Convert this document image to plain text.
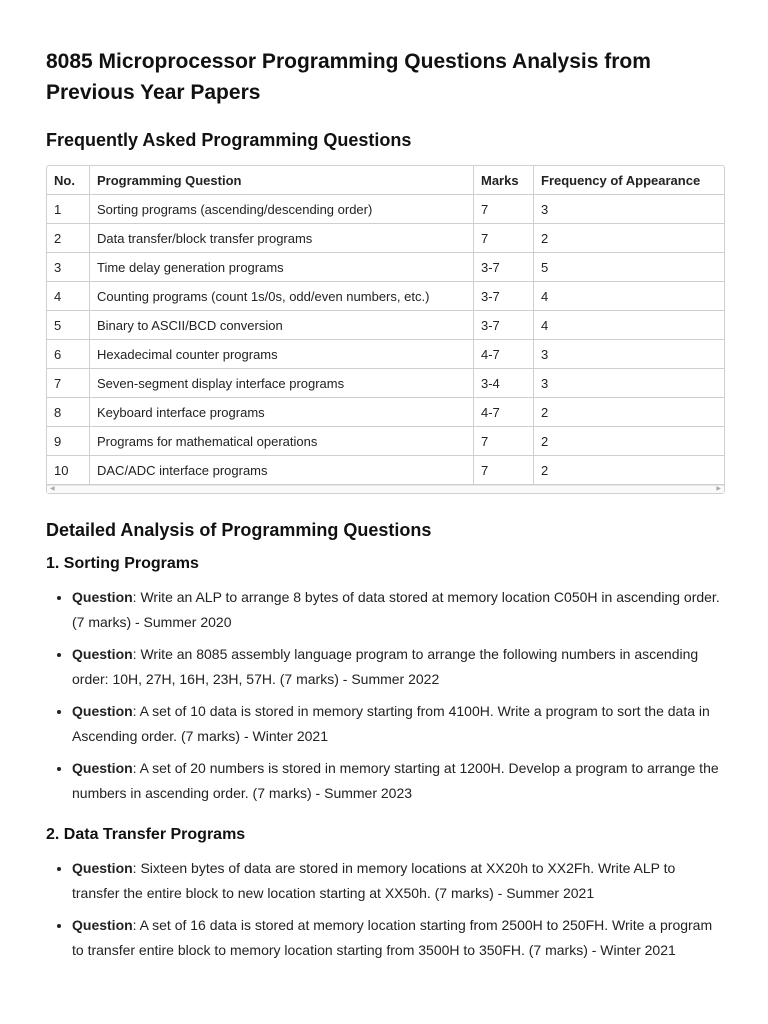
8085 Microprocessor Programming Questions Analysis from Previous Year Papers
Frequently Asked Programming Questions
No.	Programming Question	Marks	Frequency of Appearance
1	Sorting programs (ascending/descending order)	7	3
2	Data transfer/block transfer programs	7	2
3	Time delay generation programs	3-7	5
4	Counting programs (count 1s/0s, odd/even numbers, etc.)	3-7	4
5	Binary to ASCII/BCD conversion	3-7	4
6	Hexadecimal counter programs	4-7	3
7	Seven-segment display interface programs	3-4	3
8	Keyboard interface programs	4-7	2
9	Programs for mathematical operations	7	2
10	DAC/ADC interface programs	7	2
◀	▶
Detailed Analysis of Programming Questions
1. Sorting Programs
• Question: Write an ALP to arrange 8 bytes of data stored at memory location C050H in ascending order. (7 marks) - Summer 2020
• Question: Write an 8085 assembly language program to arrange the following numbers in ascending order: 10H, 27H, 16H, 23H, 57H. (7 marks) - Summer 2022
• Question: A set of 10 data is stored in memory starting from 4100H. Write a program to sort the data in Ascending order. (7 marks) - Winter 2021
• Question: A set of 20 numbers is stored in memory starting at 1200H. Develop a program to arrange the numbers in ascending order. (7 marks) - Summer 2023
2. Data Transfer Programs
• Question: Sixteen bytes of data are stored in memory locations at XX20h to XX2Fh. Write ALP to transfer the entire block to new location starting at XX50h. (7 marks) - Summer 2021
• Question: A set of 16 data is stored at memory location starting from 2500H to 250FH. Write a program to transfer entire block to memory location starting from 3500H to 350FH. (7 marks) - Winter 2021
